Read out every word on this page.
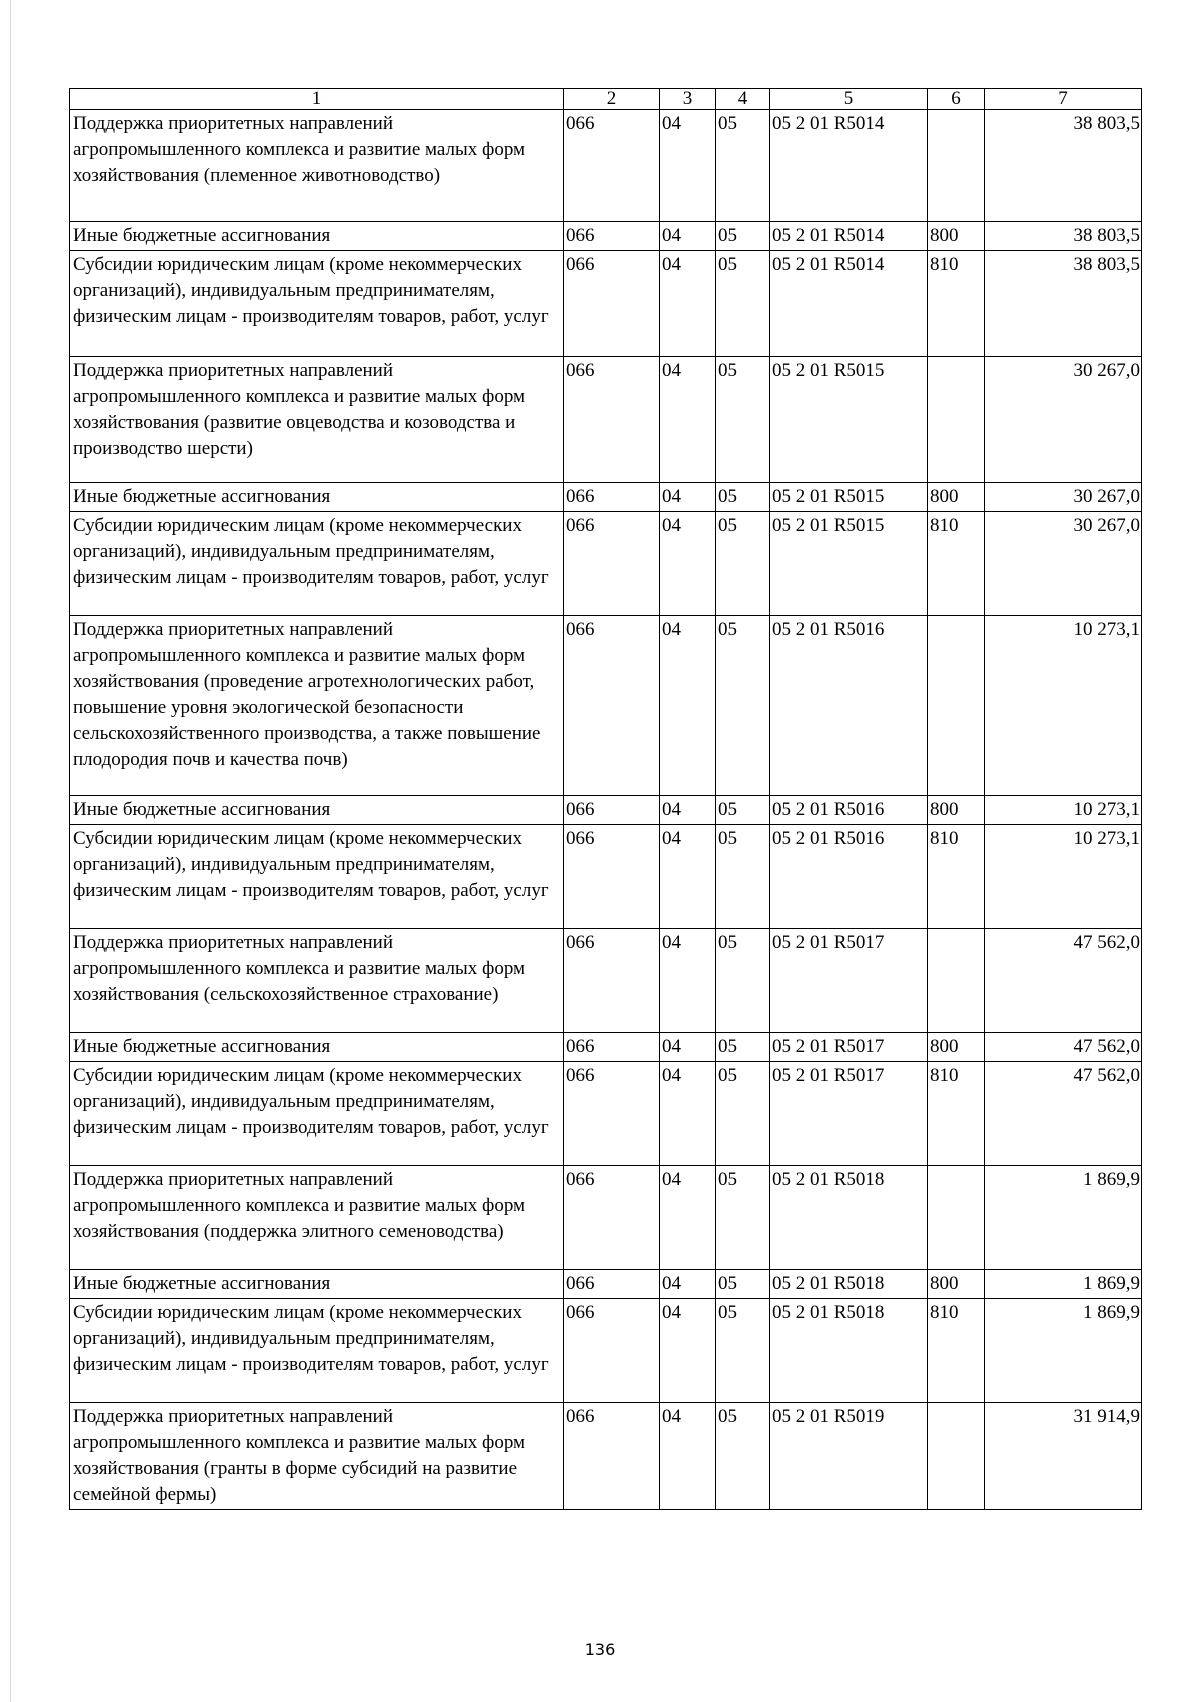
1	2	3	4	5	6	7
Поддержка приоритетных направлений агропромышленного комплекса и развитие малых форм хозяйствования (племенное животноводство)	066	04	05	05 2 01 R5014		38 803,5
Иные бюджетные ассигнования	066	04	05	05 2 01 R5014	800	38 803,5
Субсидии юридическим лицам (кроме некоммерческих организаций), индивидуальным предпринимателям, физическим лицам - производителям товаров, работ, услуг	066	04	05	05 2 01 R5014	810	38 803,5
Поддержка приоритетных направлений агропромышленного комплекса и развитие малых форм хозяйствования (развитие овцеводства и козоводства и производство шерсти)	066	04	05	05 2 01 R5015		30 267,0
Иные бюджетные ассигнования	066	04	05	05 2 01 R5015	800	30 267,0
Субсидии юридическим лицам (кроме некоммерческих организаций), индивидуальным предпринимателям, физическим лицам - производителям товаров, работ, услуг	066	04	05	05 2 01 R5015	810	30 267,0
Поддержка приоритетных направлений агропромышленного комплекса и развитие малых форм хозяйствования (проведение агротехнологических работ, повышение уровня экологической безопасности сельскохозяйственного производства, а также повышение плодородия почв и качества почв)	066	04	05	05 2 01 R5016		10 273,1
Иные бюджетные ассигнования	066	04	05	05 2 01 R5016	800	10 273,1
Субсидии юридическим лицам (кроме некоммерческих организаций), индивидуальным предпринимателям, физическим лицам - производителям товаров, работ, услуг	066	04	05	05 2 01 R5016	810	10 273,1
Поддержка приоритетных направлений агропромышленного комплекса и развитие малых форм хозяйствования (сельскохозяйственное страхование)	066	04	05	05 2 01 R5017		47 562,0
Иные бюджетные ассигнования	066	04	05	05 2 01 R5017	800	47 562,0
Субсидии юридическим лицам (кроме некоммерческих организаций), индивидуальным предпринимателям, физическим лицам - производителям товаров, работ, услуг	066	04	05	05 2 01 R5017	810	47 562,0
Поддержка приоритетных направлений агропромышленного комплекса и развитие малых форм хозяйствования (поддержка элитного семеноводства)	066	04	05	05 2 01 R5018		1 869,9
Иные бюджетные ассигнования	066	04	05	05 2 01 R5018	800	1 869,9
Субсидии юридическим лицам (кроме некоммерческих организаций), индивидуальным предпринимателям, физическим лицам - производителям товаров, работ, услуг	066	04	05	05 2 01 R5018	810	1 869,9
Поддержка приоритетных направлений агропромышленного комплекса и развитие малых форм хозяйствования (гранты в форме субсидий на развитие семейной фермы)	066	04	05	05 2 01 R5019		31 914,9
136
